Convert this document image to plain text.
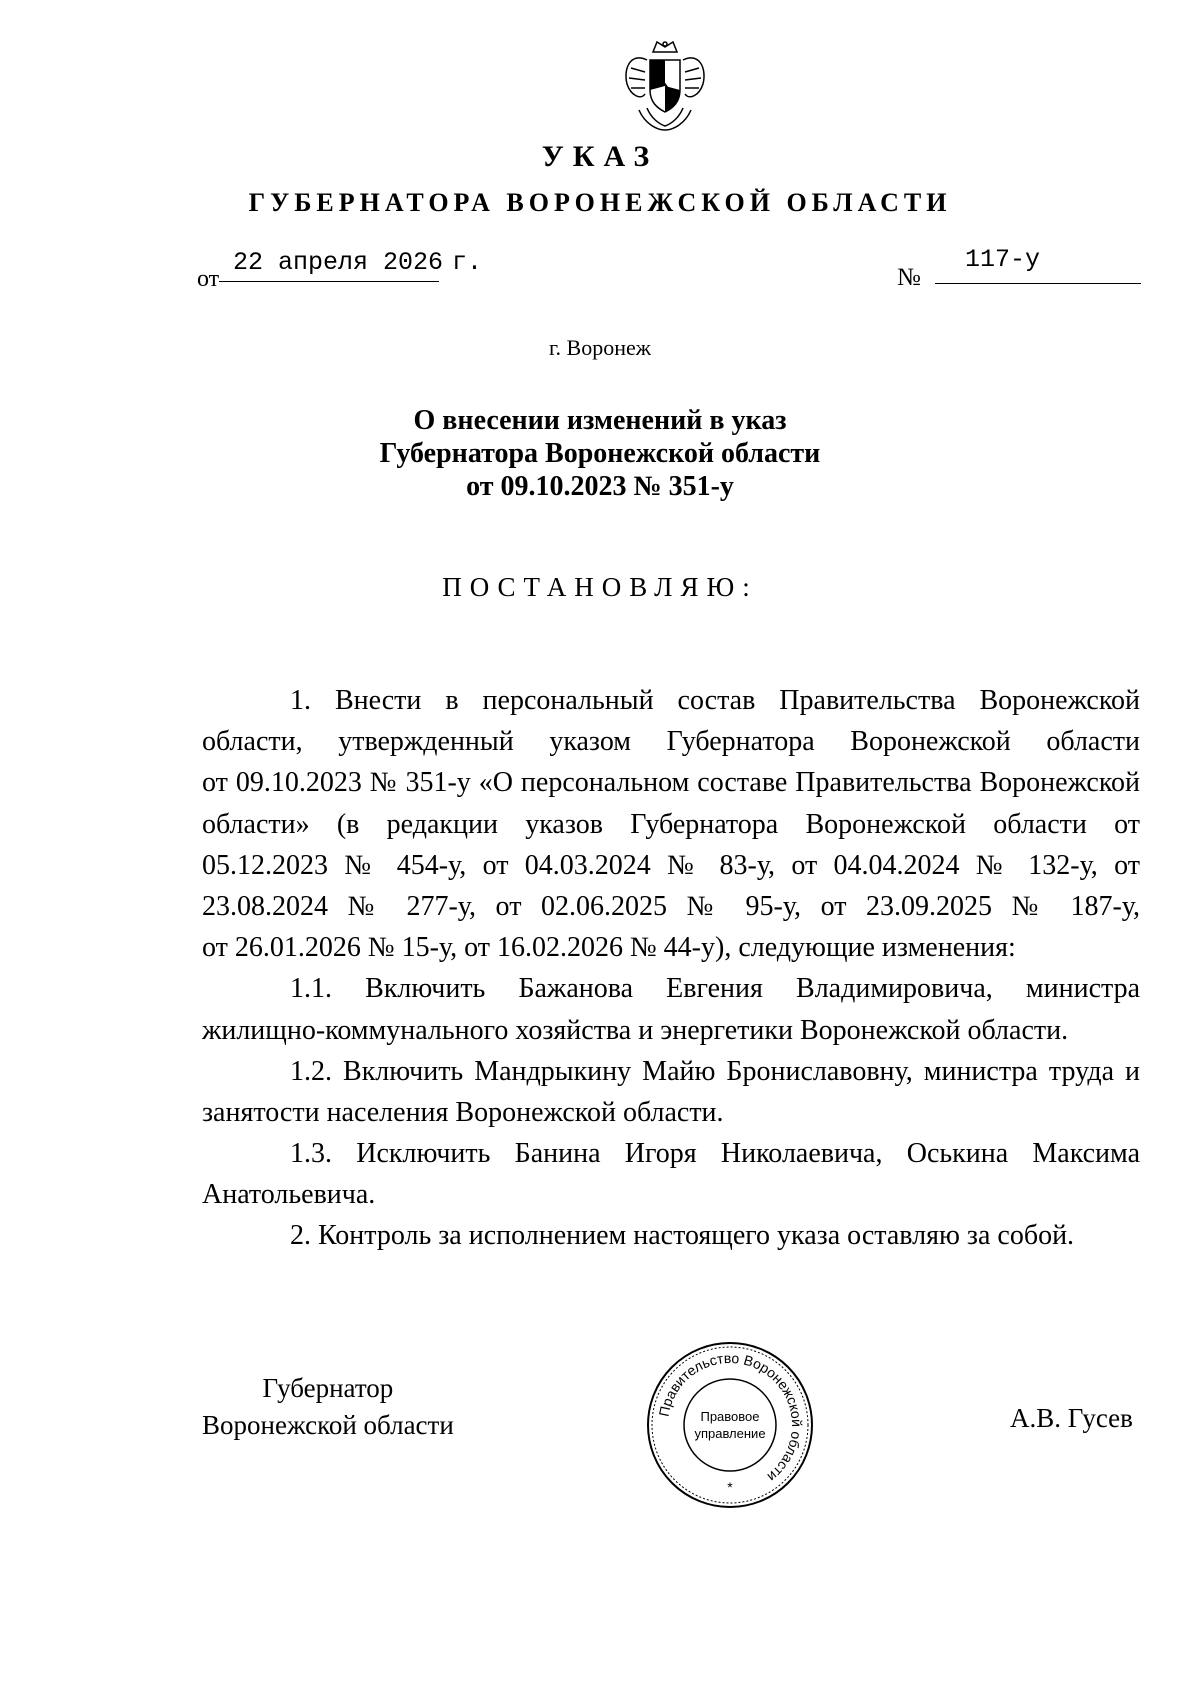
УКАЗ
ГУБЕРНАТОРА ВОРОНЕЖСКОЙ ОБЛАСТИ
от
22 апреля 2026 г.
№
117-у
г. Воронеж
О внесении изменений в указ
Губернатора Воронежской области
от 09.10.2023 № 351-у
ПОСТАНОВЛЯЮ:
1. Внести в персональный состав Правительства Воронежской
области, утвержденный указом Губернатора Воронежской области
от 09.10.2023 № 351-у «О персональном составе Правительства Воронежской
области» (в редакции указов Губернатора Воронежской области от
05.12.2023 № 454-у, от 04.03.2024 № 83-у, от 04.04.2024 № 132-у, от
23.08.2024 № 277-у, от 02.06.2025 № 95-у, от 23.09.2025 № 187-у,
от 26.01.2026 № 15-у, от 16.02.2026 № 44-у), следующие изменения:
1.1. Включить Бажанова Евгения Владимировича, министра
жилищно-коммунального хозяйства и энергетики Воронежской области.
1.2. Включить Мандрыкину Майю Брониславовну, министра труда и
занятости населения Воронежской области.
1.3. Исключить Банина Игоря Николаевича, Оськина Максима
Анатольевича.
2. Контроль за исполнением настоящего указа оставляю за собой.
Губернатор
Воронежской области	Правительство Воронежской области
Правовое
управление
*
А.В. Гусев
